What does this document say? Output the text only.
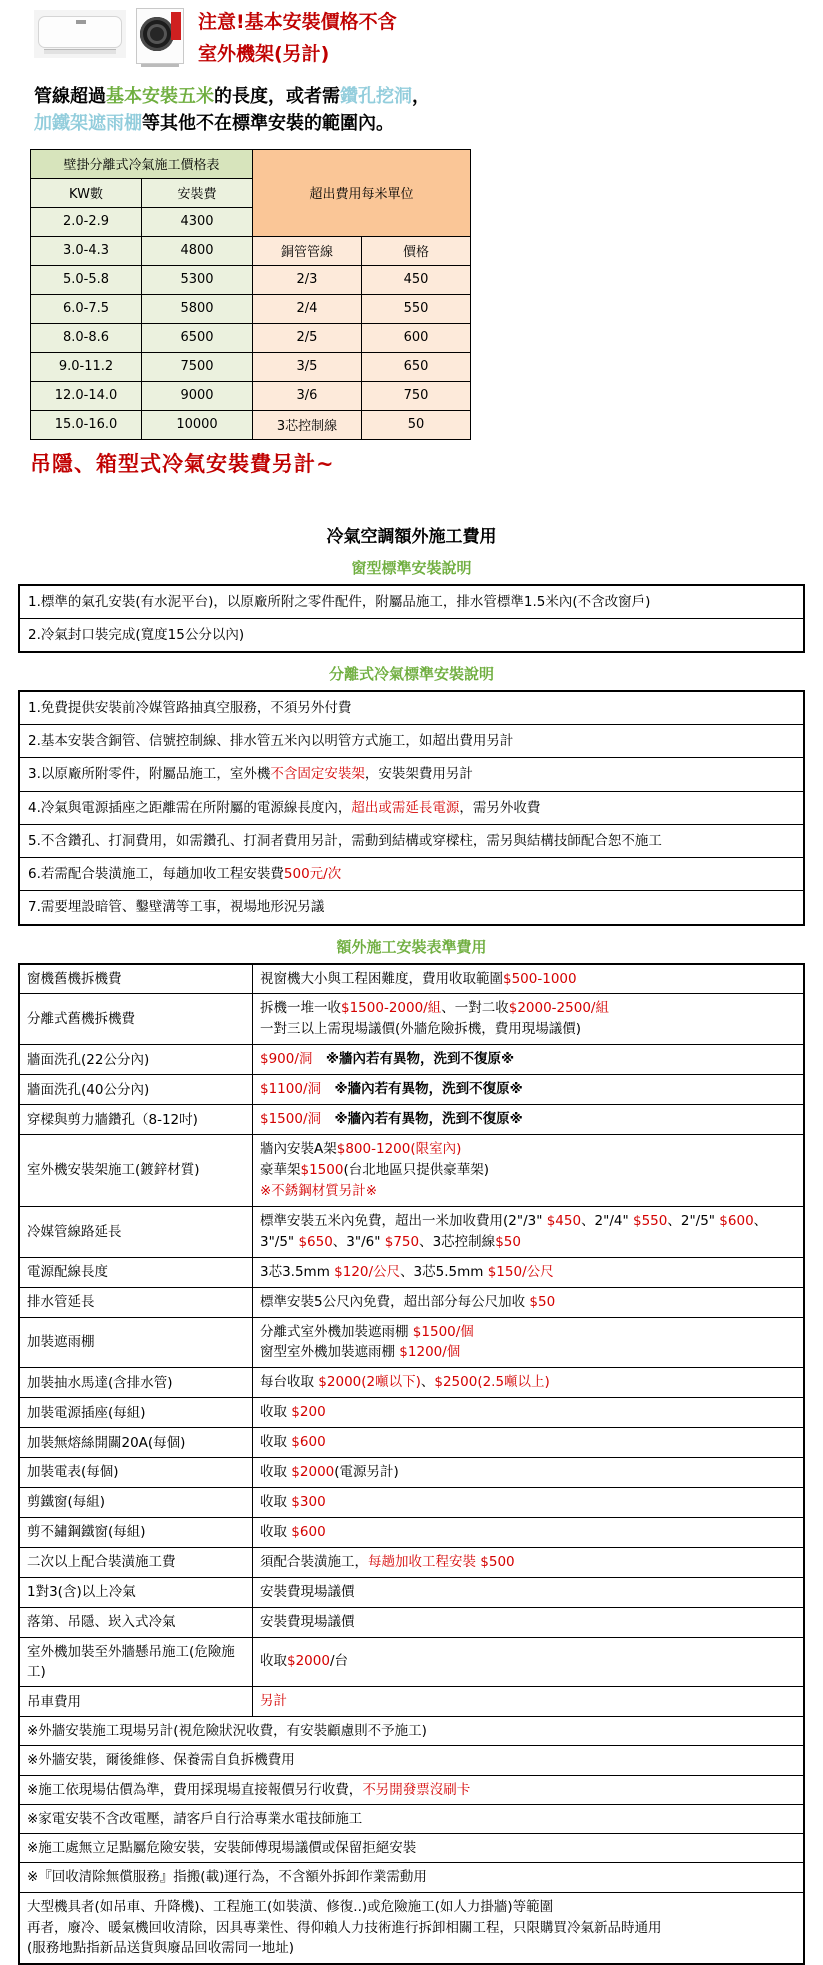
注意!基本安裝價格不含
室外機架(另計)
管線超過基本安裝五米的長度，或者需鑽孔挖洞，
加鐵架遮雨棚等其他不在標準安裝的範圍內。
壁掛分離式冷氣施工價格表		超出費用每米單位	
KW數	安裝費		
2.0-2.9	4300		
3.0-4.3	4800	銅管管線	價格
5.0-5.8	5300	2/3	450
6.0-7.5	5800	2/4	550
8.0-8.6	6500	2/5	600
9.0-11.2	7500	3/5	650
12.0-14.0	9000	3/6	750
15.0-16.0	10000	3芯控制線	50
吊隱、箱型式冷氣安裝費另計~
冷氣空調額外施工費用
窗型標準安裝說明
1.標準的氣孔安裝(有水泥平台)，以原廠所附之零件配件，附屬品施工，排水管標準1.5米內(不含改窗戶)
2.冷氣封口裝完成(寬度15公分以內)
分離式冷氣標準安裝說明
1.免費提供安裝前冷媒管路抽真空服務，不須另外付費
2.基本安裝含銅管、信號控制線、排水管五米內以明管方式施工，如超出費用另計
3.以原廠所附零件，附屬品施工，室外機不含固定安裝架，安裝架費用另計
4.冷氣與電源插座之距離需在所附屬的電源線長度內，超出或需延長電源，需另外收費
5.不含鑽孔、打洞費用，如需鑽孔、打洞者費用另計，需動到結構或穿樑柱，需另與結構技師配合恕不施工
6.若需配合裝潢施工，每趟加收工程安裝費500元/次
7.需要埋設暗管、鑿壁溝等工事，視場地形況另議
額外施工安裝表準費用
窗機舊機拆機費	視窗機大小與工程困難度，費用收取範圍$500-1000

分離式舊機拆機費	拆機一堆一收$1500-2000/組、一對二收$2000-2500/組
一對三以上需現場議價(外牆危險拆機，費用現場議價)

牆面洗孔(22公分內)	$900/洞　※牆內若有異物，洗到不復原※

牆面洗孔(40公分內)	$1100/洞　※牆內若有異物，洗到不復原※

穿樑與剪力牆鑽孔（8-12吋)	$1500/洞　※牆內若有異物，洗到不復原※

室外機安裝架施工(鍍鋅材質)	牆內安裝A架$800-1200(限室內)
豪華架$1500(台北地區只提供豪華架)
※不銹鋼材質另計※

冷媒管線路延長	標準安裝五米內免費，超出一米加收費用(2"/3" $450、2"/4" $550、2"/5" $600、3"/5" $650、3"/6" $750、3芯控制線$50

電源配線長度	3芯3.5mm $120/公尺、3芯5.5mm $150/公尺

排水管延長	標準安裝5公尺內免費，超出部分每公尺加收 $50

加裝遮雨棚	分離式室外機加裝遮雨棚 $1500/個
窗型室外機加裝遮雨棚 $1200/個

加裝抽水馬達(含排水管)	每台收取 $2000(2噸以下)、$2500(2.5噸以上)

加裝電源插座(每組)	收取 $200

加裝無熔絲開關20A(每個)	收取 $600

加裝電表(每個)	收取 $2000(電源另計)

剪鐵窗(每組)	收取 $300

剪不鏽鋼鐵窗(每組)	收取 $600

二次以上配合裝潢施工費	須配合裝潢施工，每趟加收工程安裝 $500

1對3(含)以上冷氣	安裝費現場議價

落第、吊隱、崁入式冷氣	安裝費現場議價

室外機加裝至外牆懸吊施工(危險施工)	收取$2000/台

吊車費用	另計

※外牆安裝施工現場另計(視危險狀況收費，有安裝顧慮則不予施工)	
※外牆安裝，爾後維修、保養需自負拆機費用	
※施工依現場估價為準，費用採現場直接報價另行收費，不另開發票沒刷卡	
※家電安裝不含改電壓，請客戶自行洽專業水電技師施工	
※施工處無立足點屬危險安裝，安裝師傅現場議價或保留拒絕安裝	
※『回收清除無償服務』指搬(載)運行為，不含額外拆卸作業需動用	

大型機具者(如吊車、升降機)、工程施工(如裝潢、修復..)或危險施工(如人力掛牆)等範圍
再者，廢冷、暖氣機回收清除，因具專業性、得仰賴人力技術進行拆卸相關工程，只限購買冷氣新品時通用
(服務地點指新品送貨與廢品回收需同一地址)	
